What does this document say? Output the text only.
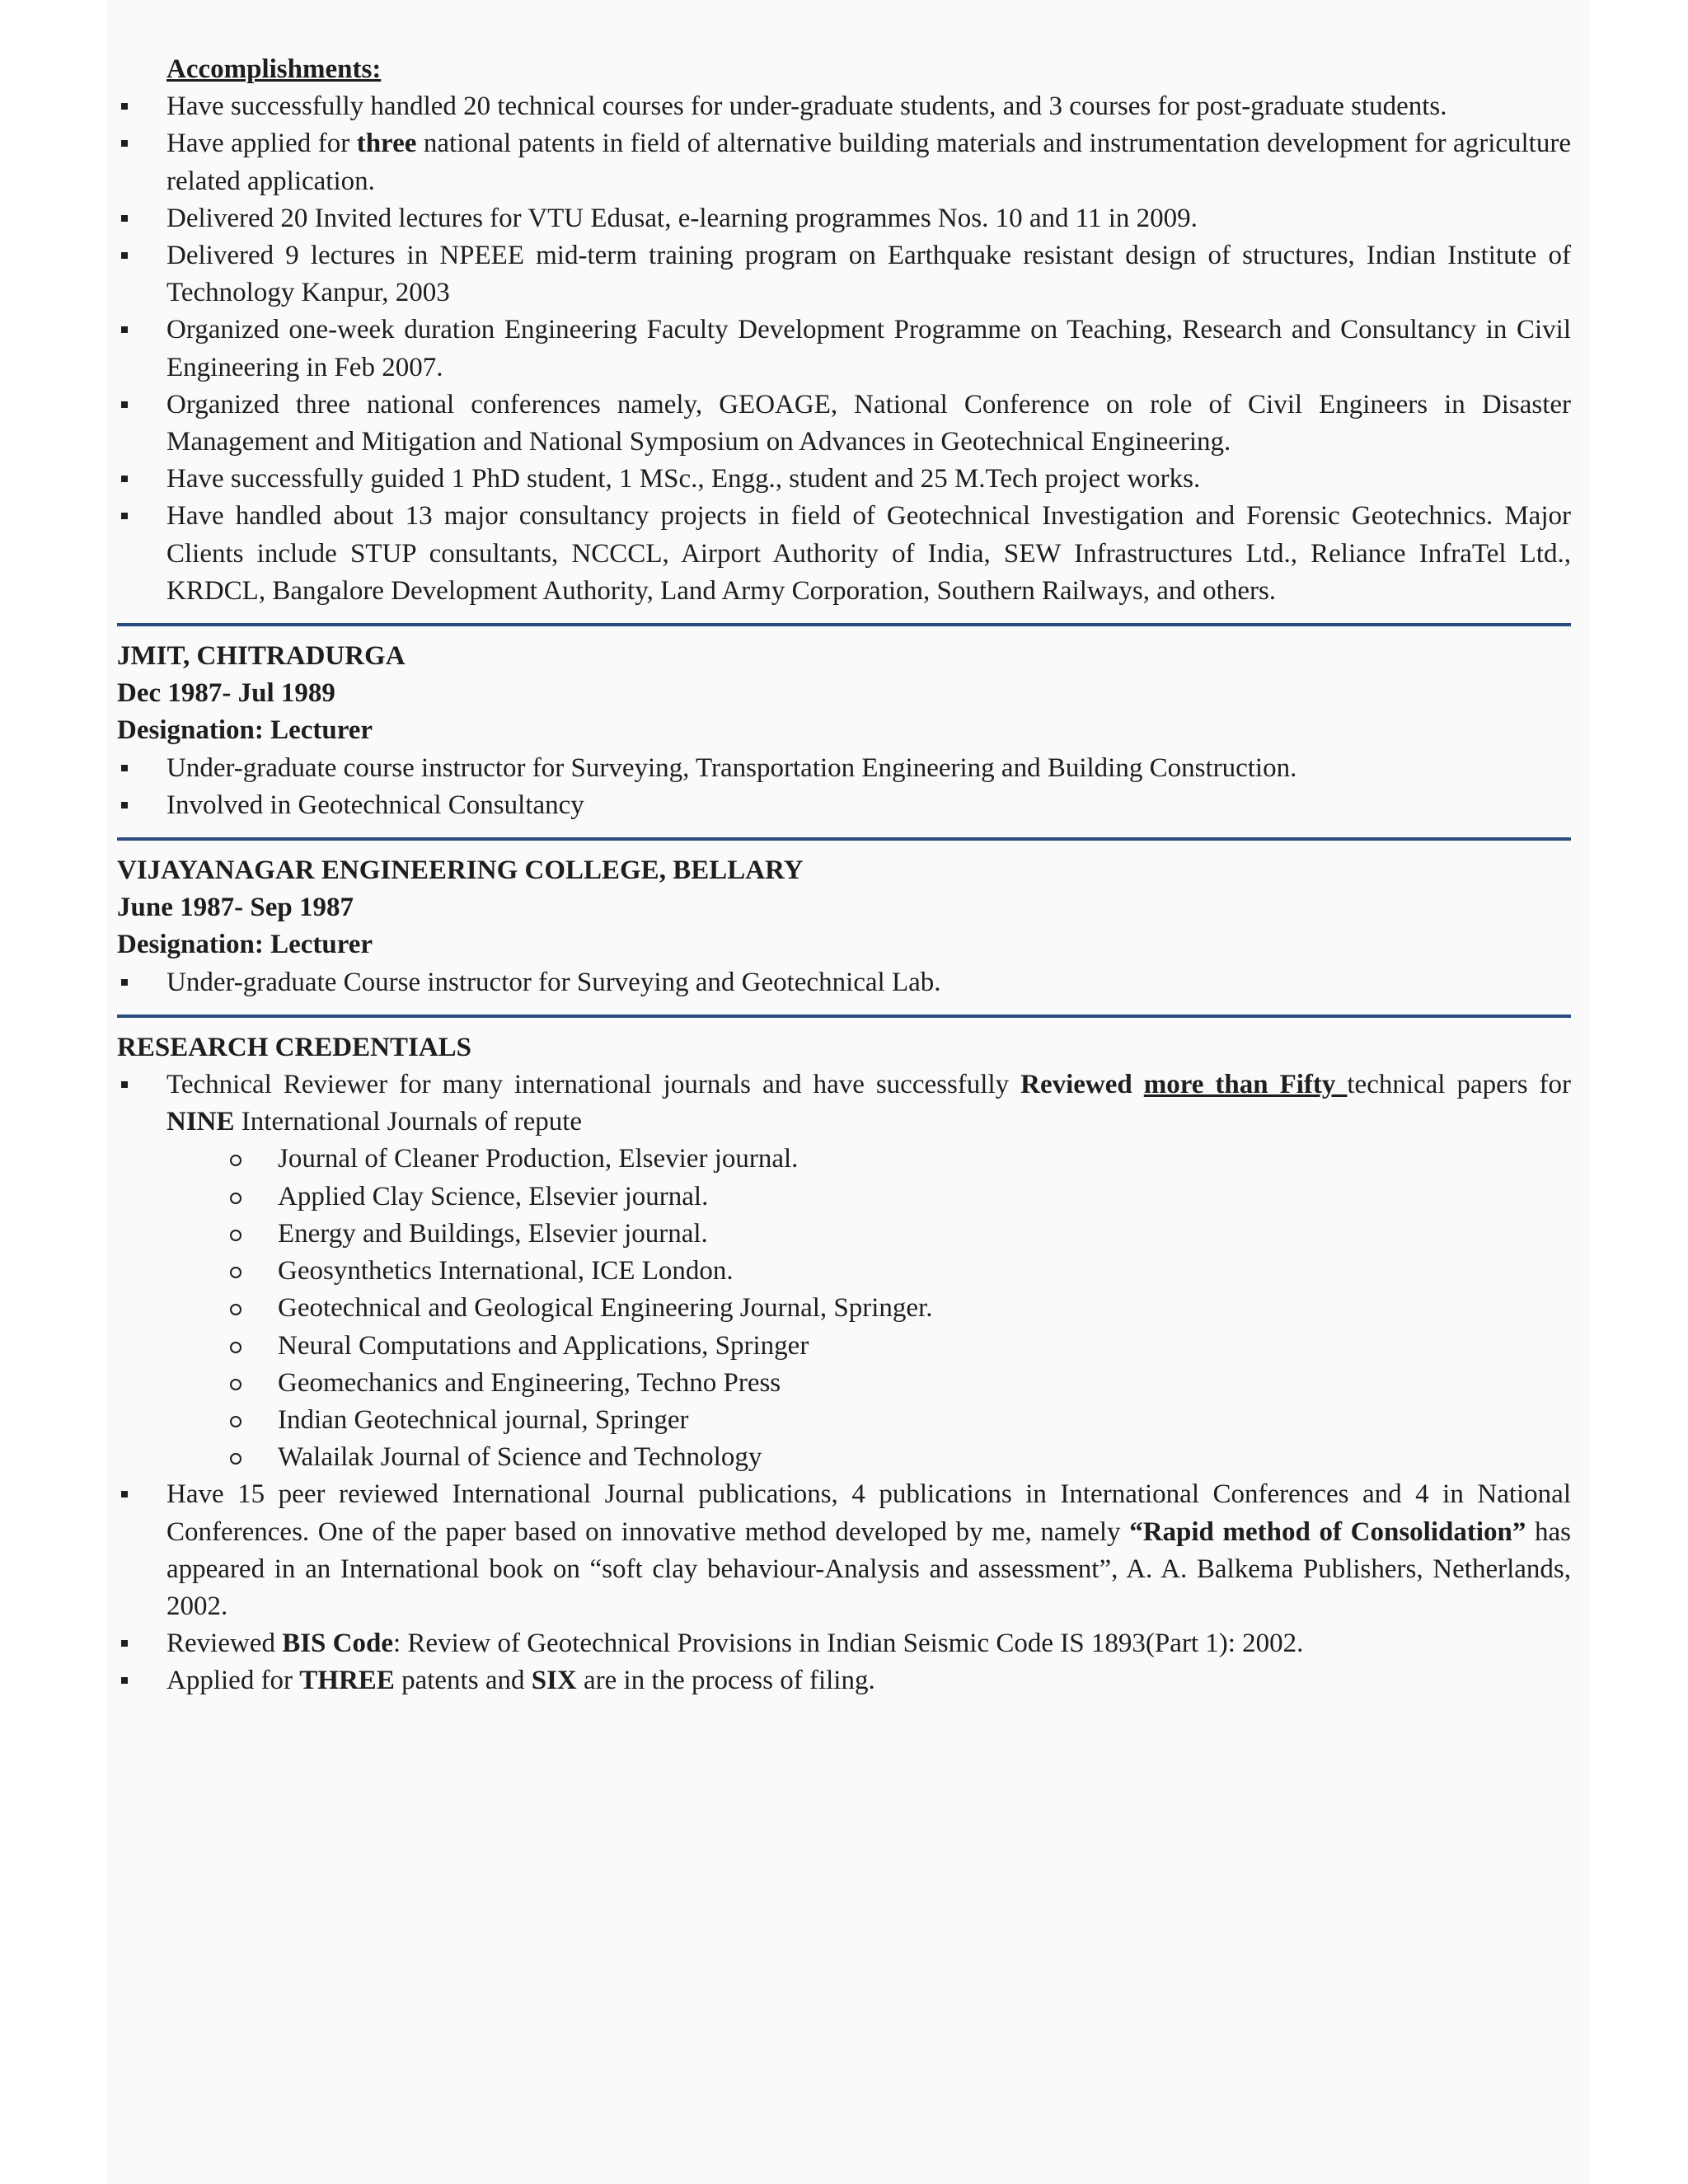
Accomplishments:
Have successfully handled 20 technical courses for under-graduate students, and 3 courses for post-graduate students.
Have applied for three national patents in field of alternative building materials and instrumentation development for agriculture related application.
Delivered 20 Invited lectures for VTU Edusat, e-learning programmes Nos. 10 and 11 in 2009.
Delivered 9 lectures in NPEEE mid-term training program on Earthquake resistant design of structures, Indian Institute of Technology Kanpur, 2003
Organized one-week duration Engineering Faculty Development Programme on Teaching, Research and Consultancy in Civil Engineering in Feb 2007.
Organized three national conferences namely, GEOAGE, National Conference on role of Civil Engineers in Disaster Management and Mitigation and National Symposium on Advances in Geotechnical Engineering.
Have successfully guided 1 PhD student, 1 MSc., Engg., student and 25 M.Tech project works.
Have handled about 13 major consultancy projects in field of Geotechnical Investigation and Forensic Geotechnics. Major Clients include STUP consultants, NCCCL, Airport Authority of India, SEW Infrastructures Ltd., Reliance InfraTel Ltd., KRDCL, Bangalore Development Authority, Land Army Corporation, Southern Railways, and others.
JMIT, CHITRADURGA
Dec 1987- Jul 1989
Designation: Lecturer
Under-graduate course instructor for Surveying, Transportation Engineering and Building Construction.
Involved in Geotechnical Consultancy
VIJAYANAGAR ENGINEERING COLLEGE, BELLARY
June 1987- Sep 1987
Designation: Lecturer
Under-graduate Course instructor for Surveying and Geotechnical Lab.
RESEARCH CREDENTIALS
Technical Reviewer for many international journals and have successfully Reviewed more than Fifty technical papers for NINE International Journals of repute
Journal of Cleaner Production, Elsevier journal.
Applied Clay Science, Elsevier journal.
Energy and Buildings, Elsevier journal.
Geosynthetics International, ICE London.
Geotechnical and Geological Engineering Journal, Springer.
Neural Computations and Applications, Springer
Geomechanics and Engineering, Techno Press
Indian Geotechnical journal, Springer
Walailak Journal of Science and Technology
Have 15 peer reviewed International Journal publications, 4 publications in International Conferences and 4 in National Conferences. One of the paper based on innovative method developed by me, namely “Rapid method of Consolidation” has appeared in an International book on “soft clay behaviour-Analysis and assessment”, A. A. Balkema Publishers, Netherlands, 2002.
Reviewed BIS Code: Review of Geotechnical Provisions in Indian Seismic Code IS 1893(Part 1): 2002.
Applied for THREE patents and SIX are in the process of filing.
